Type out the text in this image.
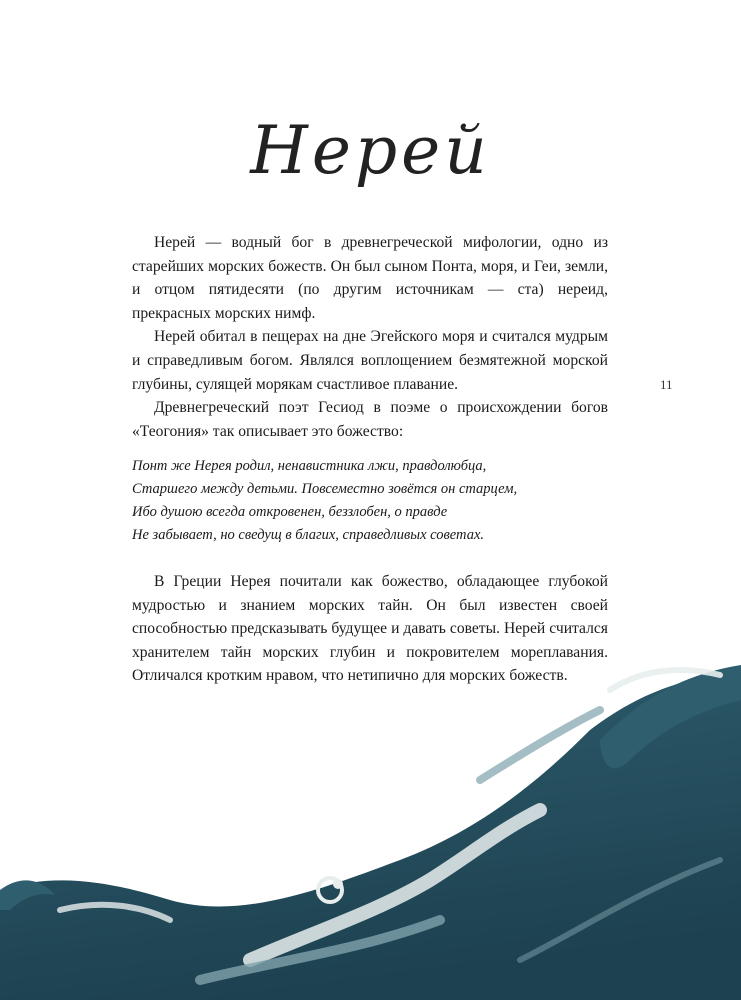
Нерей

Нерей — водный бог в древнегреческой мифологии, одно из старейших морских божеств. Он был сыном Понта, моря, и Геи, земли, и отцом пятидесяти (по другим источникам — ста) нереид, прекрасных морских нимф.

Нерей обитал в пещерах на дне Эгейского моря и считался мудрым и справедливым богом. Являлся воплощением безмятежной морской глубины, сулящей морякам счастливое плавание.

Древнегреческий поэт Гесиод в поэме о происхождении богов «Теогония» так описывает это божество:

Понт же Нерея родил, ненавистника лжи, правдолюбца,
Старшего между детьми. Повсеместно зовётся он старцем,
Ибо душою всегда откровенен, беззлобен, о правде
Не забывает, но сведущ в благих, справедливых советах.

В Греции Нерея почитали как божество, обладающее глубокой мудростью и знанием морских тайн. Он был известен своей способностью предсказывать будущее и давать советы. Нерей считался хранителем тайн морских глубин и покровителем мореплавания. Отличался кротким нравом, что нетипично для морских божеств.

11
